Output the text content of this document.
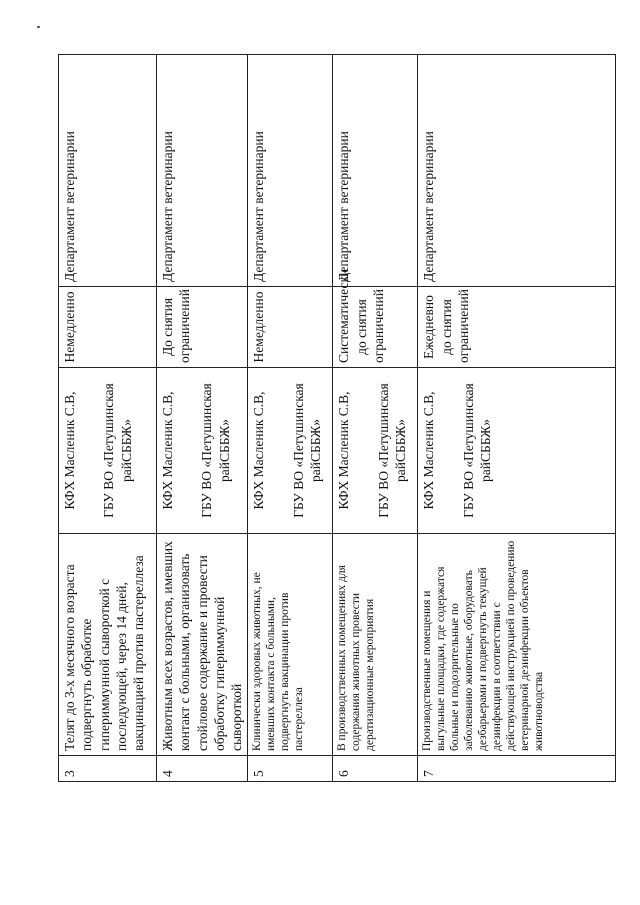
3	Телят до 3-х месячного возраста подвергнуть обработке гипериммунной сывороткой с последующей, через 14 дней, вакцинацией против пастереллеза	КФХ Масленик С.В, ГБУ ВО «Петушинская райСББЖ»	Немедленно	Департамент ветеринарии
4	Животным всех возрастов, имевших контакт с больными, организовать стойловое содержание и провести обработку гипериммунной сывороткой	КФХ Масленик С.В, ГБУ ВО «Петушинская райСББЖ»	До снятия ограничений	Департамент ветеринарии
5	Клинически здоровых животных, не имевших контакта с больными, подвергнуть вакцинации против пастереллеза	КФХ Масленик С.В, ГБУ ВО «Петушинская райСББЖ»	Немедленно	Департамент ветеринарии
6	В производственных помещениях для содержания животных провести дератизационные мероприятия	КФХ Масленик С.В, ГБУ ВО «Петушинская райСББЖ»	Систематически до снятия ограничений	Департамент ветеринарии
7	Производственные помещения и выгульные площадки, где содержатся больные и подозрительные по заболеванию животные, оборудовать дезбарьерами и подвергнуть текущей дезинфекции в соответствии с действующей инструкцией по проведению ветеринарной дезинфекции объектов животноводства	КФХ Масленик С.В, ГБУ ВО «Петушинская райСББЖ»	Ежедневно до снятия ограничений	Департамент ветеринарии
